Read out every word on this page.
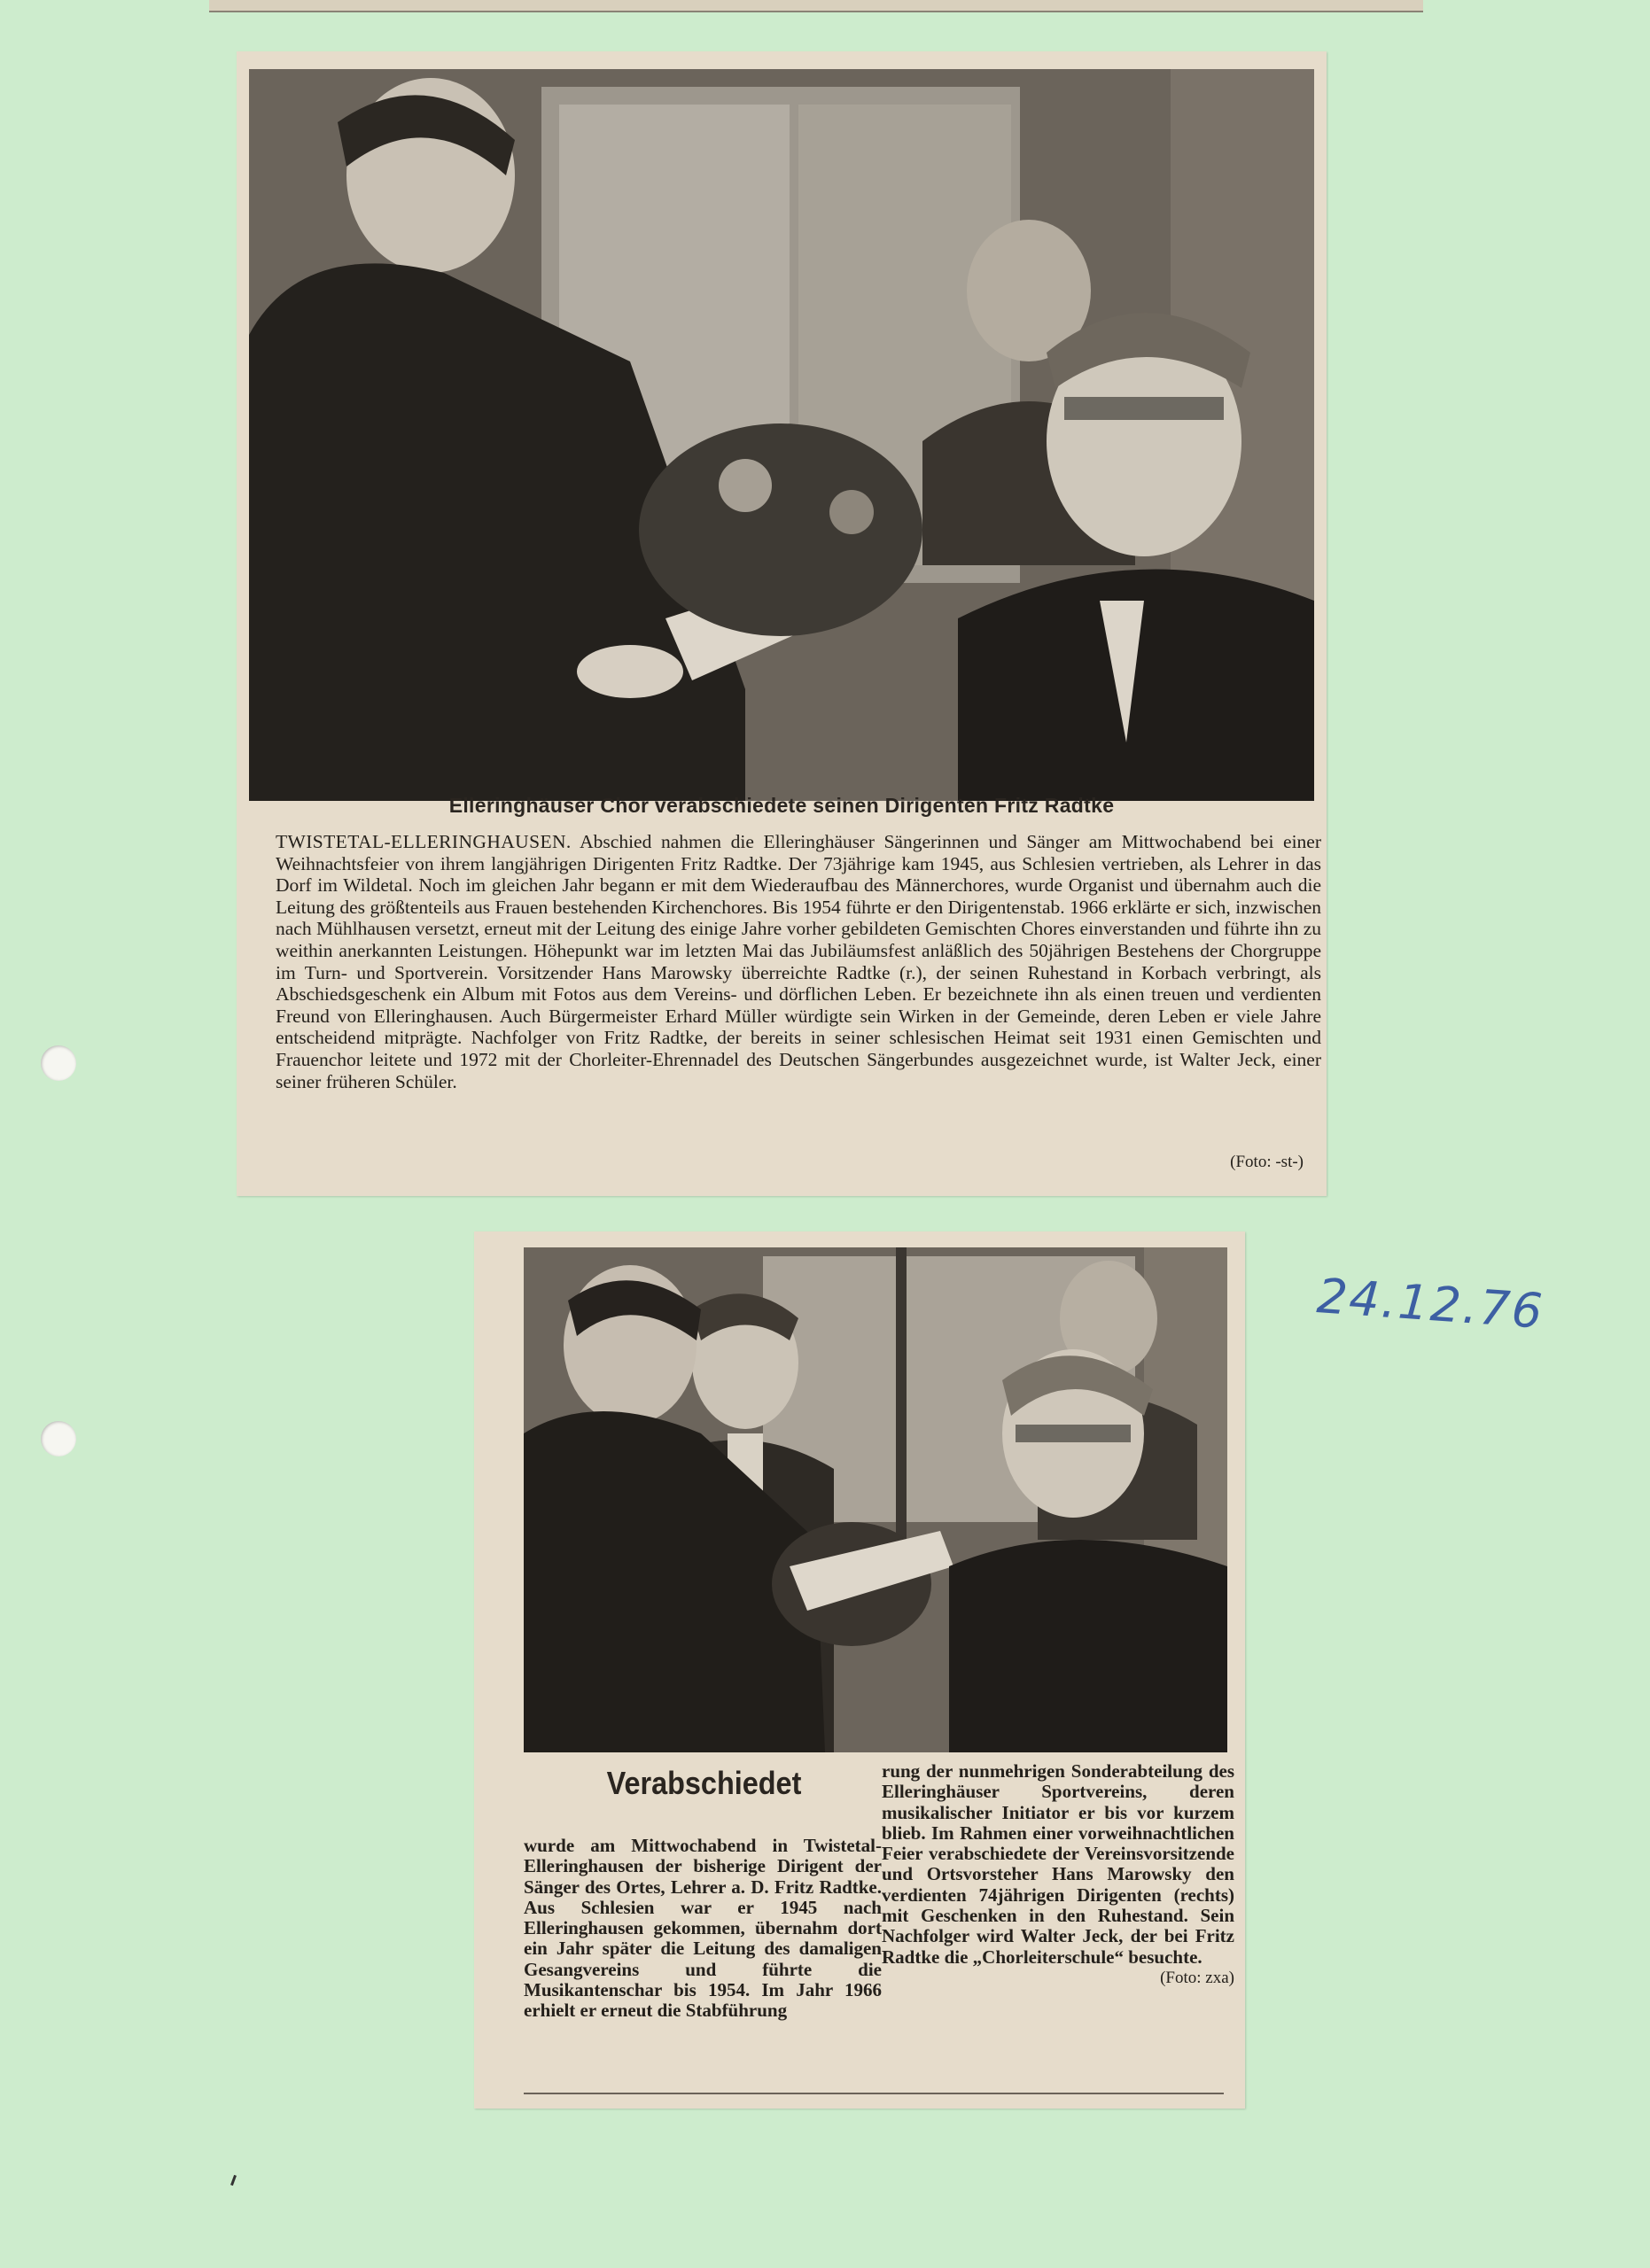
Elleringhäuser Chor verabschiedete seinen Dirigenten Fritz Radtke
TWISTETAL-ELLERINGHAUSEN. Abschied nahmen die Elleringhäuser Sängerinnen und Sänger am Mittwochabend bei einer Weihnachtsfeier von ihrem langjährigen Dirigenten Fritz Radtke. Der 73jährige kam 1945, aus Schlesien vertrieben, als Lehrer in das Dorf im Wildetal. Noch im gleichen Jahr begann er mit dem Wiederaufbau des Männerchores, wurde Organist und übernahm auch die Leitung des größtenteils aus Frauen bestehenden Kirchenchores. Bis 1954 führte er den Dirigentenstab. 1966 erklärte er sich, inzwischen nach Mühlhausen versetzt, erneut mit der Leitung des einige Jahre vorher gebildeten Gemischten Chores einverstanden und führte ihn zu weithin anerkannten Leistungen. Höhepunkt war im letzten Mai das Jubiläumsfest anläßlich des 50jährigen Bestehens der Chorgruppe im Turn- und Sportverein. Vorsitzender Hans Marowsky überreichte Radtke (r.), der seinen Ruhestand in Korbach verbringt, als Abschiedsgeschenk ein Album mit Fotos aus dem Vereins- und dörflichen Leben. Er bezeichnete ihn als einen treuen und verdienten Freund von Elleringhausen. Auch Bürgermeister Erhard Müller würdigte sein Wirken in der Gemeinde, deren Leben er viele Jahre entscheidend mitprägte. Nachfolger von Fritz Radtke, der bereits in seiner schlesischen Heimat seit 1931 einen Gemischten und Frauenchor leitete und 1972 mit der Chorleiter-Ehrennadel des Deutschen Sängerbundes ausgezeichnet wurde, ist Walter Jeck, einer seiner früheren Schüler.
(Foto: -st-)
Verabschiedet
wurde am Mittwochabend in Twistetal-Elleringhausen der bisherige Dirigent der Sänger des Ortes, Lehrer a. D. Fritz Radtke. Aus Schlesien war er 1945 nach Elleringhausen gekommen, übernahm dort ein Jahr später die Leitung des damaligen Gesangvereins und führte die Musikantenschar bis 1954. Im Jahr 1966 erhielt er erneut die Stabführung
rung der nunmehrigen Sonderabteilung des Elleringhäuser Sportvereins, deren musikalischer Initiator er bis vor kurzem blieb. Im Rahmen einer vorweihnachtlichen Feier verabschiedete der Vereinsvorsitzende und Ortsvorsteher Hans Marowsky den verdienten 74jährigen Dirigenten (rechts) mit Geschenken in den Ruhestand. Sein Nachfolger wird Walter Jeck, der bei Fritz Radtke die „Chorleiterschule“ besuchte.
(Foto: zxa)
24.12.76
